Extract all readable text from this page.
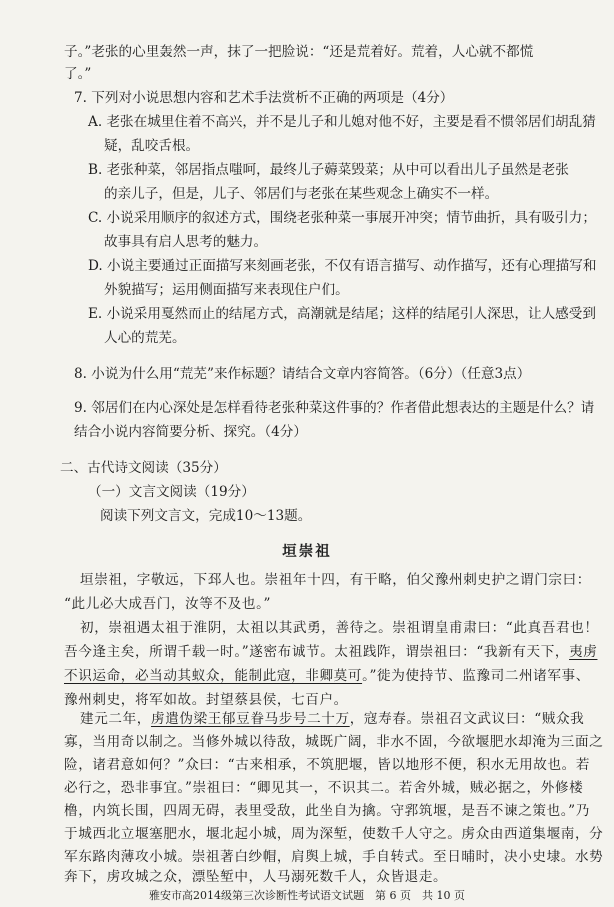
子。”老张的心里轰然一声，抹了一把脸说：“还是荒着好。荒着，人心就不都慌

了。”

7. 下列对小说思想内容和艺术手法赏析不正确的两项是（4分）

A. 老张在城里住着不高兴，并不是儿子和儿媳对他不好，主要是看不惯邻居们胡乱猜

疑，乱咬舌根。

B. 老张种菜，邻居指点嗤呵，最终儿子薅菜毁菜；从中可以看出儿子虽然是老张

的亲儿子，但是，儿子、邻居们与老张在某些观念上确实不一样。

C. 小说采用顺序的叙述方式，围绕老张种菜一事展开冲突；情节曲折，具有吸引力；

故事具有启人思考的魅力。

D. 小说主要通过正面描写来刻画老张，不仅有语言描写、动作描写，还有心理描写和

外貌描写；运用侧面描写来表现住户们。

E. 小说采用戛然而止的结尾方式，高潮就是结尾；这样的结尾引人深思，让人感受到

人心的荒芜。

8. 小说为什么用“荒芜”来作标题？请结合文章内容简答。（6分）（任意3点）

9. 邻居们在内心深处是怎样看待老张种菜这件事的？作者借此想表达的主题是什么？请

结合小说内容简要分析、探究。（4分）

二、古代诗文阅读（35分）

（一）文言文阅读（19分）

阅读下列文言文，完成10～13题。

垣崇祖

垣崇祖，字敬远，下邳人也。崇祖年十四，有干略，伯父豫州刺史护之谓门宗曰：

“此儿必大成吾门，汝等不及也。”

初，崇祖遇太祖于淮阴，太祖以其武勇，善待之。崇祖谓皇甫肃曰：“此真吾君也！

吾今逢主矣，所谓千载一时。”遂密布诚节。太祖践阼，谓崇祖曰：“我新有天下，夷虏

不识运命，必当动其蚁众，能制此寇，非卿莫可。”徙为使持节、监豫司二州诸军事、

豫州刺史，将军如故。封望蔡县侯，七百户。

建元二年，虏遣伪梁王郁豆眷马步号二十万，寇寿春。崇祖召文武议曰：“贼众我

寡，当用奇以制之。当修外城以待敌，城既广阔，非水不固，今欲堰肥水却淹为三面之

险，诸君意如何？”众曰：“古来相承，不筑肥堰，皆以地形不便，积水无用故也。若

必行之，恐非事宜。”崇祖曰：“卿见其一，不识其二。若舍外城，贼必据之，外修楼

橹，内筑长围，四周无碍，表里受敌，此坐自为擒。守郛筑堰，是吾不谏之策也。”乃

于城西北立堰塞肥水，堰北起小城，周为深堑，使数千人守之。虏众由西道集堰南，分

军东路肉薄攻小城。崇祖著白纱帽，肩舆上城，手自转式。至日晡时，决小史埭。水势

奔下，虏攻城之众，漂坠堑中，人马溺死数千人，众皆退走。

雅安市高2014级第三次诊断性考试语文试题　第 6 页　共 10 页
